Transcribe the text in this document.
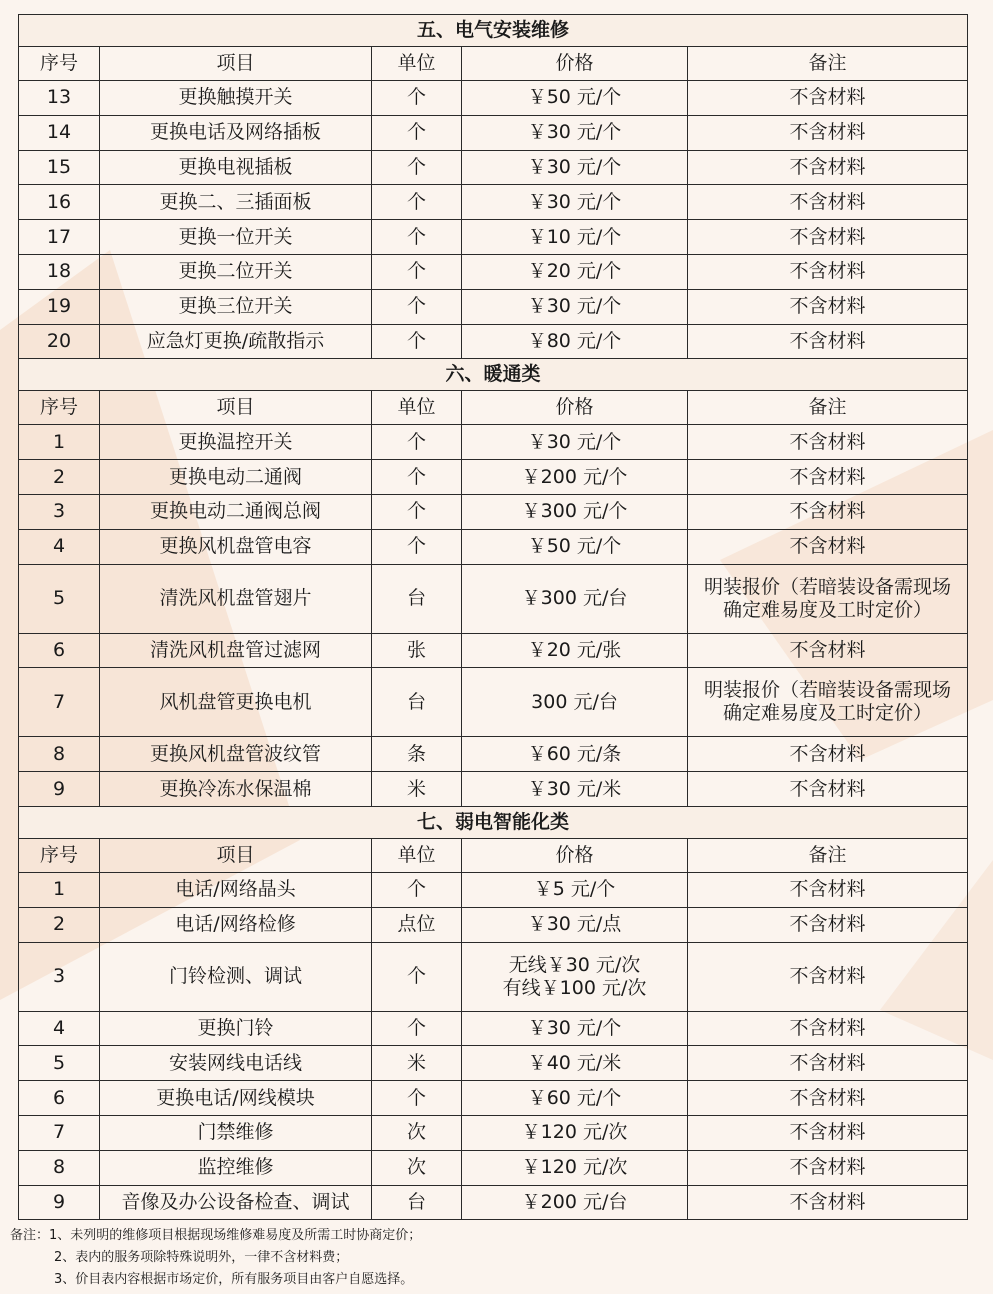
五、电气安装维修				
序号	项目	单位	价格	备注
13	更换触摸开关	个	￥50 元/个	不含材料

14	更换电话及网络插板	个	￥30 元/个	不含材料

15	更换电视插板	个	￥30 元/个	不含材料

16	更换二、三插面板	个	￥30 元/个	不含材料

17	更换一位开关	个	￥10 元/个	不含材料

18	更换二位开关	个	￥20 元/个	不含材料

19	更换三位开关	个	￥30 元/个	不含材料

20	应急灯更换/疏散指示	个	￥80 元/个	不含材料

六、暖通类				
序号	项目	单位	价格	备注
1	更换温控开关	个	￥30 元/个	不含材料

2	更换电动二通阀	个	￥200 元/个	不含材料

3	更换电动二通阀总阀	个	￥300 元/个	不含材料

4	更换风机盘管电容	个	￥50 元/个	不含材料

5	清洗风机盘管翅片	台	￥300 元/台	明装报价（若暗装设备需现场
确定难易度及工时定价）

6	清洗风机盘管过滤网	张	￥20 元/张	不含材料

7	风机盘管更换电机	台	300 元/台	明装报价（若暗装设备需现场
确定难易度及工时定价）

8	更换风机盘管波纹管	条	￥60 元/条	不含材料

9	更换冷冻水保温棉	米	￥30 元/米	不含材料

七、弱电智能化类				
序号	项目	单位	价格	备注
1	电话/网络晶头	个	￥5 元/个	不含材料

2	电话/网络检修	点位	￥30 元/点	不含材料

3	门铃检测、调试	个	无线￥30 元/次
有线￥100 元/次	不含材料

4	更换门铃	个	￥30 元/个	不含材料

5	安装网线电话线	米	￥40 元/米	不含材料

6	更换电话/网线模块	个	￥60 元/个	不含材料

7	门禁维修	次	￥120 元/次	不含材料

8	监控维修	次	￥120 元/次	不含材料

9	音像及办公设备检查、调试	台	￥200 元/台	不含材料
备注：1、未列明的维修项目根据现场维修难易度及所需工时协商定价；
2、表内的服务项除特殊说明外，一律不含材料费；
3、价目表内容根据市场定价，所有服务项目由客户自愿选择。
